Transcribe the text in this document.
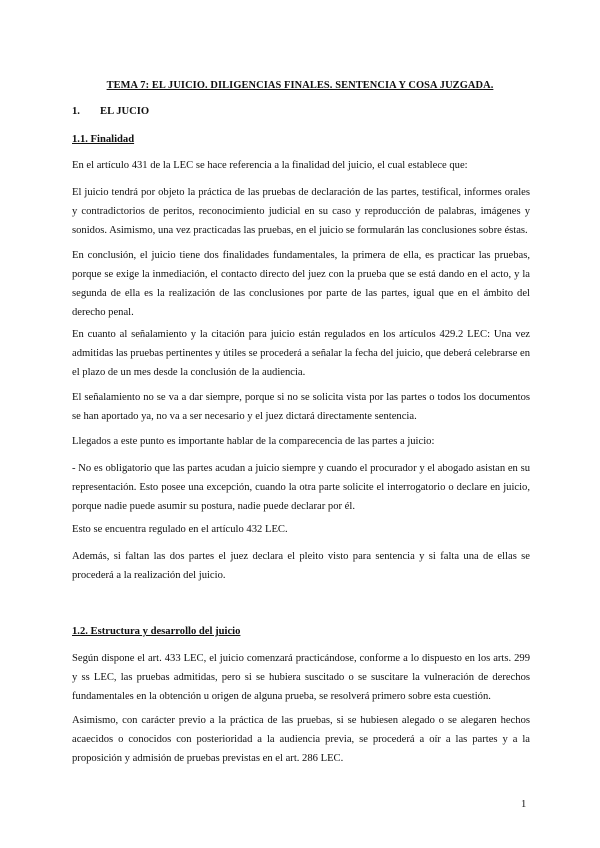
TEMA 7: EL JUICIO. DILIGENCIAS FINALES. SENTENCIA Y COSA JUZGADA.
1. EL JUCIO
1.1. Finalidad

En el artículo 431 de la LEC se hace referencia a la finalidad del juicio, el cual establece que:

El juicio tendrá por objeto la práctica de las pruebas de declaración de las partes, testifical, informes orales y contradictorios de peritos, reconocimiento judicial en su caso y reproducción de palabras, imágenes y sonidos. Asimismo, una vez practicadas las pruebas, en el juicio se formularán las conclusiones sobre éstas.

En conclusión, el juicio tiene dos finalidades fundamentales, la primera de ella, es practicar las pruebas, porque se exige la inmediación, el contacto directo del juez con la prueba que se está dando en el acto, y la segunda de ella es la realización de las conclusiones por parte de las partes, igual que en el ámbito del derecho penal.

En cuanto al señalamiento y la citación para juicio están regulados en los artículos 429.2 LEC: Una vez admitidas las pruebas pertinentes y útiles se procederá a señalar la fecha del juicio, que deberá celebrarse en el plazo de un mes desde la conclusión de la audiencia.

El señalamiento no se va a dar siempre, porque si no se solicita vista por las partes o todos los documentos se han aportado ya, no va a ser necesario y el juez dictará directamente sentencia.

Llegados a este punto es importante hablar de la comparecencia de las partes a juicio:

- No es obligatorio que las partes acudan a juicio siempre y cuando el procurador y el abogado asistan en su representación. Esto posee una excepción, cuando la otra parte solicite el interrogatorio o declare en juicio, porque nadie puede asumir su postura, nadie puede declarar por él.

Esto se encuentra regulado en el artículo 432 LEC.

Además, si faltan las dos partes el juez declara el pleito visto para sentencia y si falta una de ellas se procederá a la realización del juicio.

1.2. Estructura y desarrollo del juicio

Según dispone el art. 433 LEC, el juicio comenzará practicándose, conforme a lo dispuesto en los arts. 299 y ss LEC, las pruebas admitidas, pero si se hubiera suscitado o se suscitare la vulneración de derechos fundamentales en la obtención u origen de alguna prueba, se resolverá primero sobre esta cuestión.

Asimismo, con carácter previo a la práctica de las pruebas, si se hubiesen alegado o se alegaren hechos acaecidos o conocidos con posterioridad a la audiencia previa, se procederá a oír a las partes y a la proposición y admisión de pruebas previstas en el art. 286 LEC.

1
